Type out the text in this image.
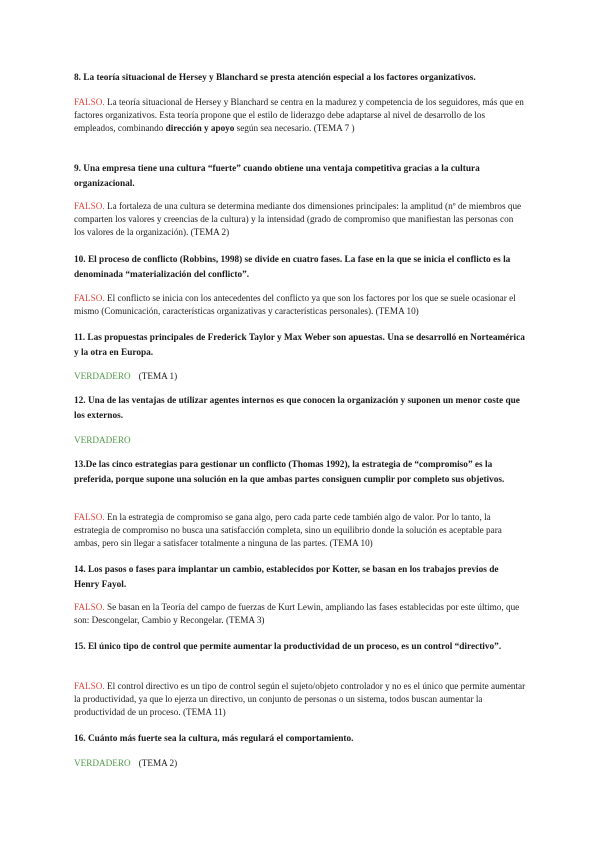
8. La teoría situacional de Hersey y Blanchard se presta atención especial a los factores organizativos.

FALSO. La teoría situacional de Hersey y Blanchard se centra en la madurez y competencia de los seguidores, más que en factores organizativos. Esta teoría propone que el estilo de liderazgo debe adaptarse al nivel de desarrollo de los empleados, combinando dirección y apoyo según sea necesario. (TEMA 7 )

9. Una empresa tiene una cultura “fuerte” cuando obtiene una ventaja competitiva gracias a la cultura organizacional.

FALSO. La fortaleza de una cultura se determina mediante dos dimensiones principales: la amplitud (nº de miembros que comparten los valores y creencias de la cultura) y la intensidad (grado de compromiso que manifiestan las personas con los valores de la organización). (TEMA 2)

10. El proceso de conflicto (Robbins, 1998) se divide en cuatro fases. La fase en la que se inicia el conflicto es la denominada “materialización del conflicto”.

FALSO. El conflicto se inicia con los antecedentes del conflicto ya que son los factores por los que se suele ocasionar el mismo (Comunicación, características organizativas y características personales). (TEMA 10)

11. Las propuestas principales de Frederick Taylor y Max Weber son apuestas. Una se desarrolló en Norteamérica y la otra en Europa.

VERDADERO (TEMA 1)

12. Una de las ventajas de utilizar agentes internos es que conocen la organización y suponen un menor coste que los externos.

VERDADERO

13.De las cinco estrategias para gestionar un conflicto (Thomas 1992), la estrategia de “compromiso” es la preferida, porque supone una solución en la que ambas partes consiguen cumplir por completo sus objetivos.

FALSO. En la estrategia de compromiso se gana algo, pero cada parte cede también algo de valor. Por lo tanto, la estrategia de compromiso no busca una satisfacción completa, sino un equilibrio donde la solución es aceptable para ambas, pero sin llegar a satisfacer totalmente a ninguna de las partes. (TEMA 10)

14. Los pasos o fases para implantar un cambio, establecidos por Kotter, se basan en los trabajos previos de Henry Fayol.

FALSO. Se basan en la Teoría del campo de fuerzas de Kurt Lewin, ampliando las fases establecidas por este último, que son: Descongelar, Cambio y Recongelar. (TEMA 3)

15. El único tipo de control que permite aumentar la productividad de un proceso, es un control “directivo”.

FALSO. El control directivo es un tipo de control según el sujeto/objeto controlador y no es el único que permite aumentar la productividad, ya que lo ejerza un directivo, un conjunto de personas o un sistema, todos buscan aumentar la productividad de un proceso. (TEMA 11)

16. Cuánto más fuerte sea la cultura, más regulará el comportamiento.

VERDADERO (TEMA 2)
